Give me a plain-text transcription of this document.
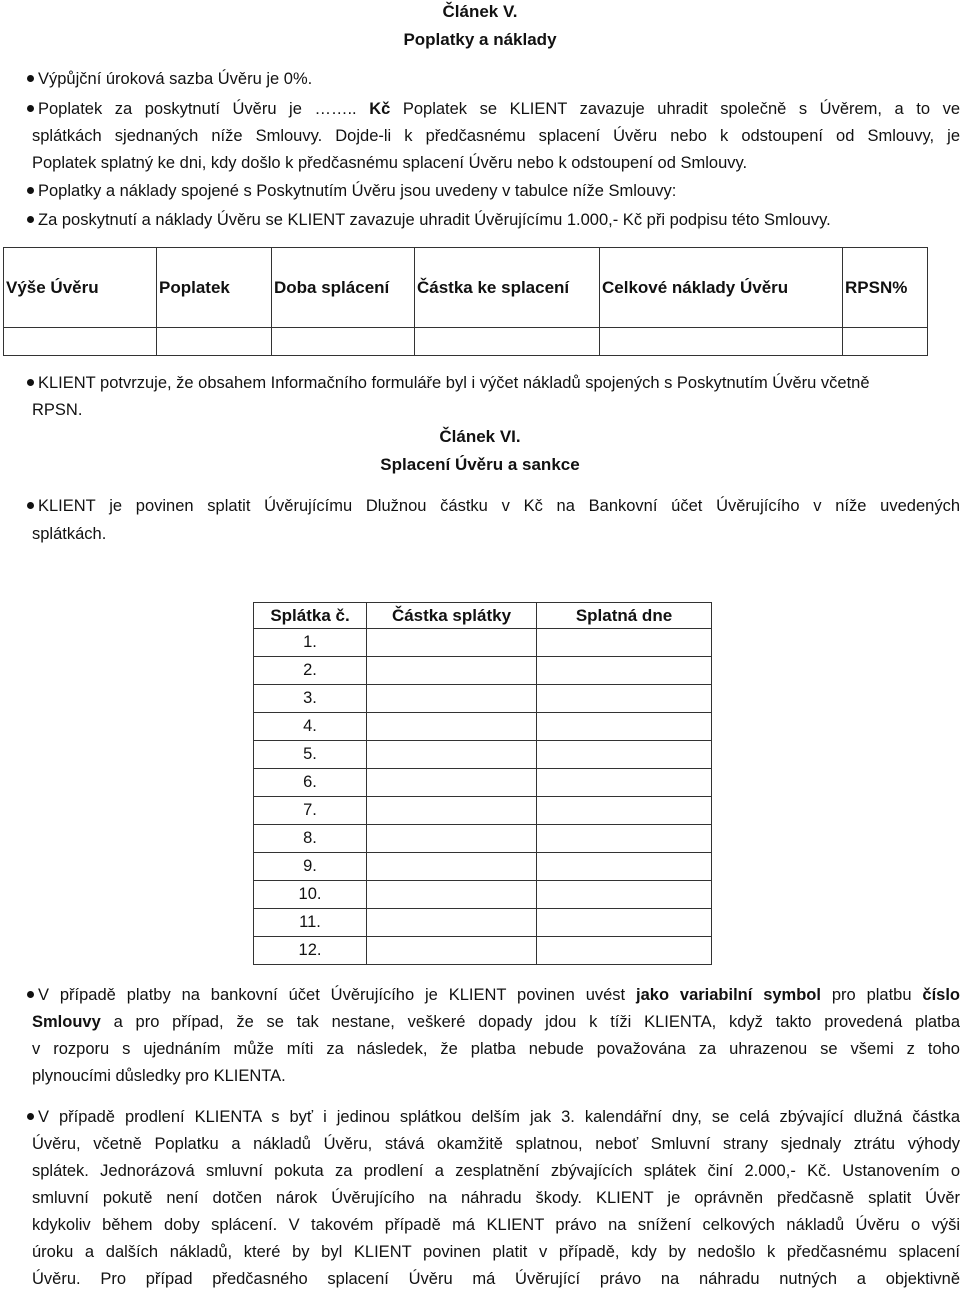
Článek V.
Poplatky a náklady
Výpůjční úroková sazba Úvěru je 0%.
Poplatek za poskytnutí Úvěru je …….. Kč Poplatek se KLIENT zavazuje uhradit společně s Úvěrem, a to ve
splátkách sjednaných níže Smlouvy. Dojde-li k předčasnému splacení Úvěru nebo k odstoupení od Smlouvy, je
Poplatek splatný ke dni, kdy došlo k předčasnému splacení Úvěru nebo k odstoupení od Smlouvy.
Poplatky a náklady spojené s Poskytnutím Úvěru jsou uvedeny v tabulce níže Smlouvy:
Za poskytnutí a náklady Úvěru se KLIENT zavazuje uhradit Úvěrujícímu 1.000,- Kč při podpisu této Smlouvy.
Výše Úvěru	Poplatek	Doba splácení	Částka ke splacení	Celkové náklady Úvěru	RPSN%

KLIENT potvrzuje, že obsahem Informačního formuláře byl i výčet nákladů spojených s Poskytnutím Úvěru včetně
RPSN.
Článek VI.
Splacení Úvěru a sankce
KLIENT je povinen splatit Úvěrujícímu Dlužnou částku v Kč na Bankovní účet Úvěrujícího v níže uvedených
splátkách.
Splátka č.	Částka splátky	Splatná dne
1.		
2.		
3.		
4.		
5.		
6.		
7.		
8.		
9.		
10.		
11.		
12.		
V případě platby na bankovní účet Úvěrujícího je KLIENT povinen uvést jako variabilní symbol pro platbu číslo
Smlouvy a pro případ, že se tak nestane, veškeré dopady jdou k tíži KLIENTA, když takto provedená platba
v rozporu s ujednáním může míti za následek, že platba nebude považována za uhrazenou se všemi z toho
plynoucími důsledky pro KLIENTA.
V případě prodlení KLIENTA s byť i jedinou splátkou delším jak 3. kalendářní dny, se celá zbývající dlužná částka
Úvěru, včetně Poplatku a nákladů Úvěru, stává okamžitě splatnou, neboť Smluvní strany sjednaly ztrátu výhody
splátek. Jednorázová smluvní pokuta za prodlení a zesplatnění zbývajících splátek činí 2.000,- Kč. Ustanovením o
smluvní pokutě není dotčen nárok Úvěrujícího na náhradu škody. KLIENT je oprávněn předčasně splatit Úvěr
kdykoliv během doby splácení. V takovém případě má KLIENT právo na snížení celkových nákladů Úvěru o výši
úroku a dalších nákladů, které by byl KLIENT povinen platit v případě, kdy by nedošlo k předčasnému splacení
Úvěru. Pro případ předčasného splacení Úvěru má Úvěrující právo na náhradu nutných a objektivně
